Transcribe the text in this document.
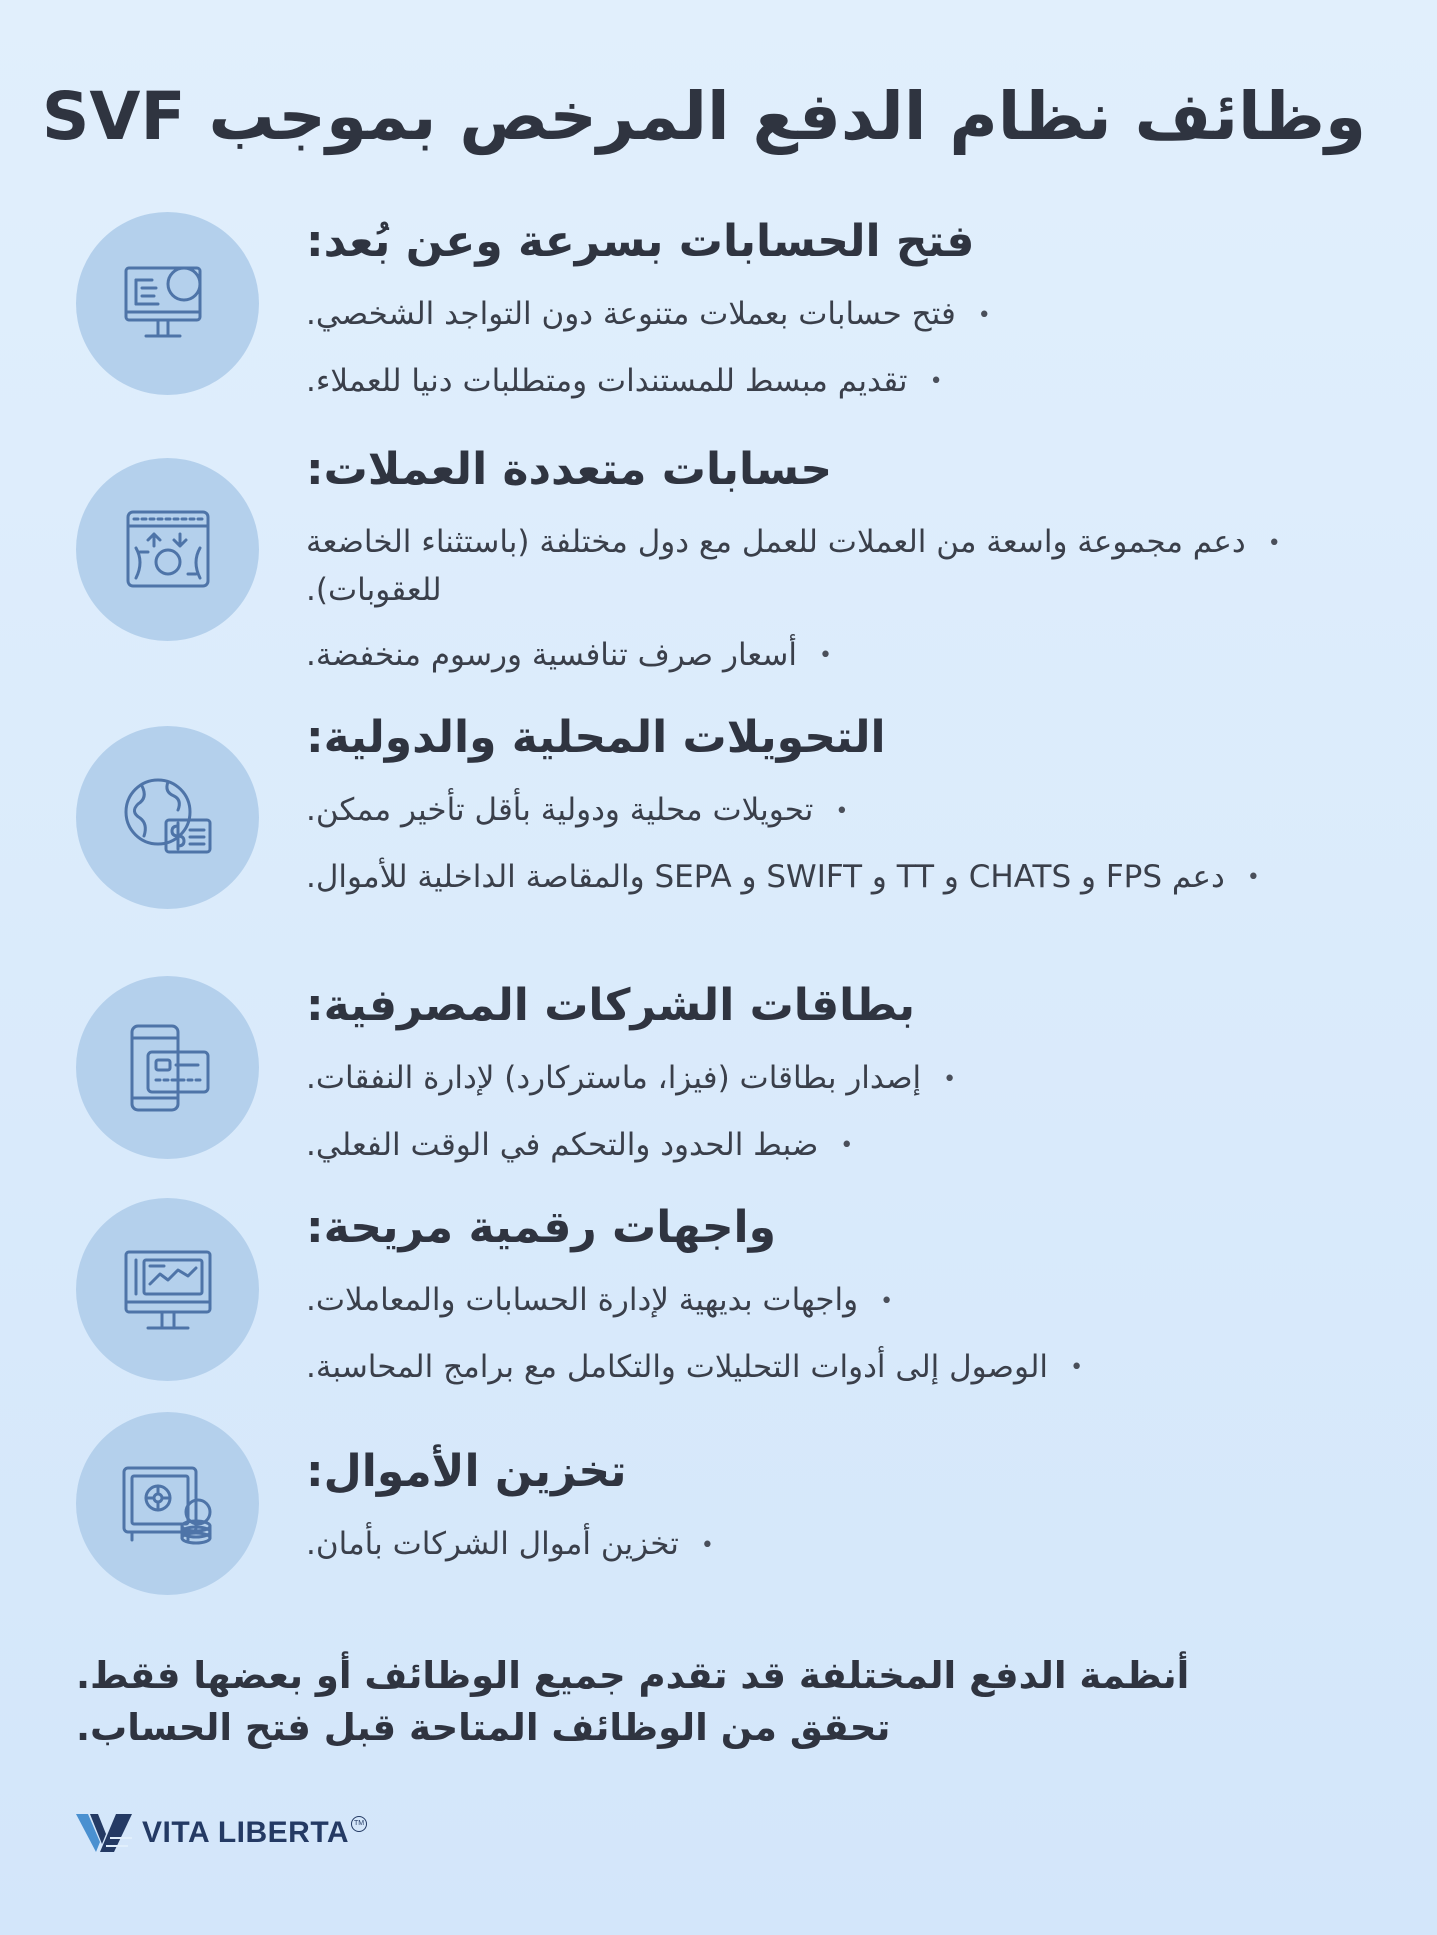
وظائف نظام الدفع المرخص بموجب SVF
فتح الحسابات بسرعة وعن بُعد:
• فتح حسابات بعملات متنوعة دون التواجد الشخصي.
• تقديم مبسط للمستندات ومتطلبات دنيا للعملاء.
حسابات متعددة العملات:
• دعم مجموعة واسعة من العملات للعمل مع دول مختلفة (باستثناء الخاضعة للعقوبات).
• أسعار صرف تنافسية ورسوم منخفضة.
التحويلات المحلية والدولية:
• تحويلات محلية ودولية بأقل تأخير ممكن.
• دعم FPS و CHATS و TT و SWIFT و SEPA والمقاصة الداخلية للأموال.
بطاقات الشركات المصرفية:
• إصدار بطاقات (فيزا، ماستركارد) لإدارة النفقات.
• ضبط الحدود والتحكم في الوقت الفعلي.
واجهات رقمية مريحة:
• واجهات بديهية لإدارة الحسابات والمعاملات.
• الوصول إلى أدوات التحليلات والتكامل مع برامج المحاسبة.
تخزين الأموال:
• تخزين أموال الشركات بأمان.

أنظمة الدفع المختلفة قد تقدم جميع الوظائف أو بعضها فقط. تحقق من الوظائف المتاحة قبل فتح الحساب.

VITA LIBERTA TM
